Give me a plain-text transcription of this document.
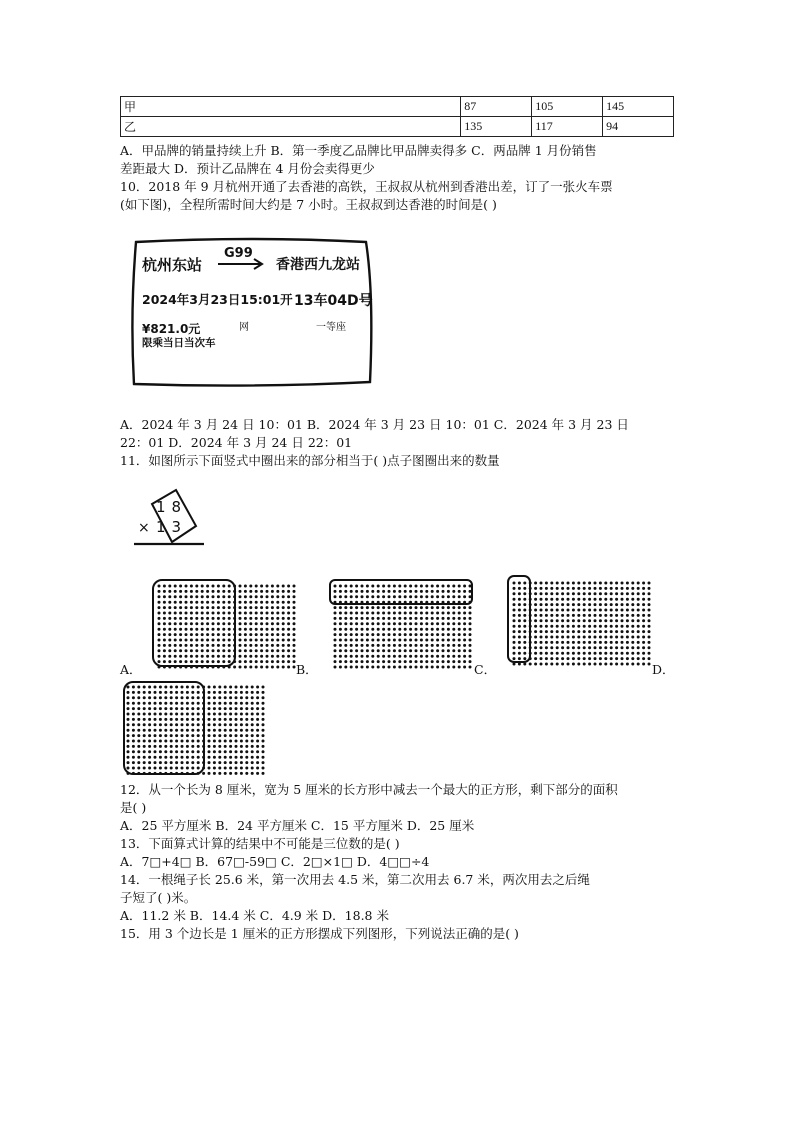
甲	87	105	145
乙	135	117	94
A．甲品牌的销量持续上升 B．第一季度乙品牌比甲品牌卖得多 C．两品牌 1 月份销售
差距最大 D．预计乙品牌在 4 月份会卖得更少
10．2018 年 9 月杭州开通了去香港的高铁，王叔叔从杭州到香港出差，订了一张火车票
(如下图)，全程所需时间大约是 7 小时。王叔叔到达香港的时间是( )
杭州东站
G99
香港西九龙站
2024年3月23日15:01开 13车04D号
¥821.0元	网	一等座
限乘当日当次车
A．2024 年 3 月 24 日 10：01 B．2024 年 3 月 23 日 10：01 C．2024 年 3 月 23 日
22：01 D．2024 年 3 月 24 日 22：01
11．如图所示下面竖式中圈出来的部分相当于( )点子图圈出来的数量
18
× 13
A．	B．	C．	D．
12．从一个长为 8 厘米，宽为 5 厘米的长方形中减去一个最大的正方形，剩下部分的面积
是( )
A．25 平方厘米 B．24 平方厘米 C．15 平方厘米 D．25 厘米
13．下面算式计算的结果中不可能是三位数的是( )
A．7□+4□ B．67□-59□ C．2□×1□ D．4□□÷4
14．一根绳子长 25.6 米，第一次用去 4.5 米，第二次用去 6.7 米，两次用去之后绳
子短了( )米。
A．11.2 米 B．14.4 米 C．4.9 米 D．18.8 米
15．用 3 个边长是 1 厘米的正方形摆成下列图形，下列说法正确的是( )
